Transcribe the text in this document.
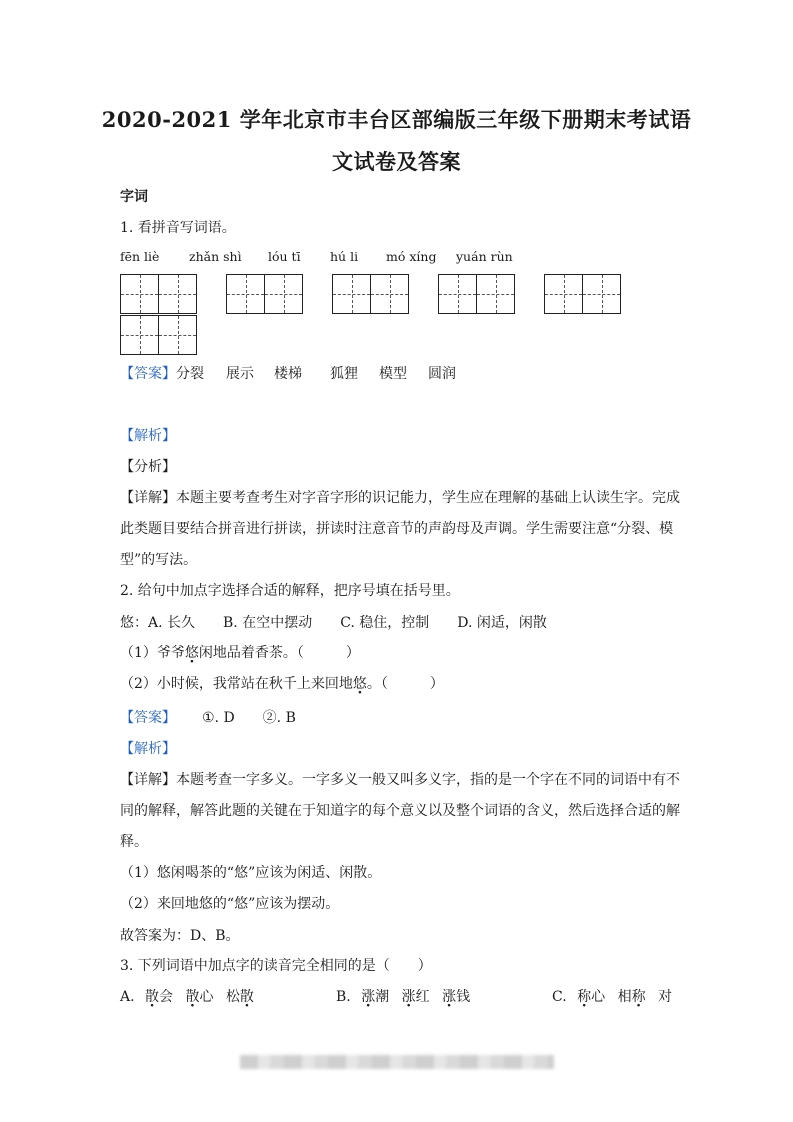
2020-2021 学年北京市丰台区部编版三年级下册期末考试语
文试卷及答案
字词
1. 看拼音写词语。
fēn liè zhǎn shì lóu tī hú li mó xíng yuán rùn
【答案】分裂 展示 楼梯 狐狸 模型 圆润
【解析】
【分析】
【详解】本题主要考查考生对字音字形的识记能力，学生应在理解的基础上认读生字。完成
此类题目要结合拼音进行拼读，拼读时注意音节的声韵母及声调。学生需要注意“分裂、模
型”的写法。
2. 给句中加点字选择合适的解释，把序号填在括号里。
悠：A. 长久　　B. 在空中摆动　　C. 稳住，控制　　D. 闲适，闲散
（1）爷爷悠闲地品着香茶。（　　　）
（2）小时候，我常站在秋千上来回地悠。（　　　）
【答案】 ①. D　　②. B
【解析】
【详解】本题考查一字多义。一字多义一般又叫多义字，指的是一个字在不同的词语中有不
同的解释，解答此题的关键在于知道字的每个意义以及整个词语的含义，然后选择合适的解
释。
（1）悠闲喝茶的“悠”应该为闲适、闲散。
（2）来回地悠的“悠”应该为摆动。
故答案为：D、B。
3. 下列词语中加点字的读音完全相同的是（　　）
A. 散会 散心 松散	B. 涨潮 涨红 涨钱	C. 称心 相称 对
